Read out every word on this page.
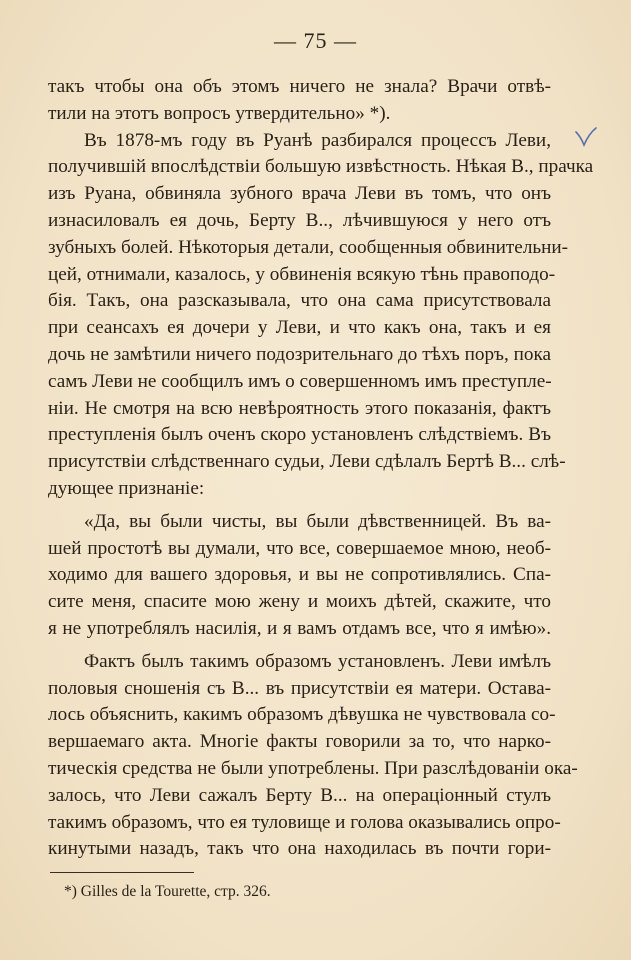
— 75 —
такъ чтобы она объ этомъ ничего не знала? Врачи отвѣ-
тили на этотъ вопросъ утвердительно» *).
Въ 1878-мъ году въ Руанѣ разбирался процессъ Леви,
получившій впослѣдствіи большую извѣстность. Нѣкая В., прачка
изъ Руана, обвиняла зубного врача Леви въ томъ, что онъ
изнасиловалъ ея дочь, Берту В.., лѣчившуюся у него отъ
зубныхъ болей. Нѣкоторыя детали, сообщенныя обвинительни-
цей, отнимали, казалось, у обвиненія всякую тѣнь правоподо-
бія. Такъ, она разсказывала, что она сама присутствовала
при сеансахъ ея дочери у Леви, и что какъ она, такъ и ея
дочь не замѣтили ничего подозрительнаго до тѣхъ поръ, пока
самъ Леви не сообщилъ имъ о совершенномъ имъ преступле-
ніи. Не смотря на всю невѣроятность этого показанія, фактъ
преступленія былъ оченъ скоро установленъ слѣдствіемъ. Въ
присутствіи слѣдственнаго судьи, Леви сдѣлалъ Бертѣ В... слѣ-
дующее признаніе:
«Да, вы были чисты, вы были дѣвственницей. Въ ва-
шей простотѣ вы думали, что все, совершаемое мною, необ-
ходимо для вашего здоровья, и вы не сопротивлялись. Спа-
сите меня, спасите мою жену и моихъ дѣтей, скажите, что
я не употреблялъ насилія, и я вамъ отдамъ все, что я имѣю».
Фактъ былъ такимъ образомъ установленъ. Леви имѣлъ
половыя сношенія съ В... въ присутствіи ея матери. Остава-
лось объяснить, какимъ образомъ дѣвушка не чувствовала со-
вершаемаго акта. Многіе факты говорили за то, что нарко-
тическія средства не были употреблены. При разслѣдованіи ока-
залось, что Леви сажалъ Берту В... на операціонный стулъ
такимъ образомъ, что ея туловище и голова оказывались опро-
кинутыми назадъ, такъ что она находилась въ почти гори-
*) Gilles de la Tourette, стр. 326.
